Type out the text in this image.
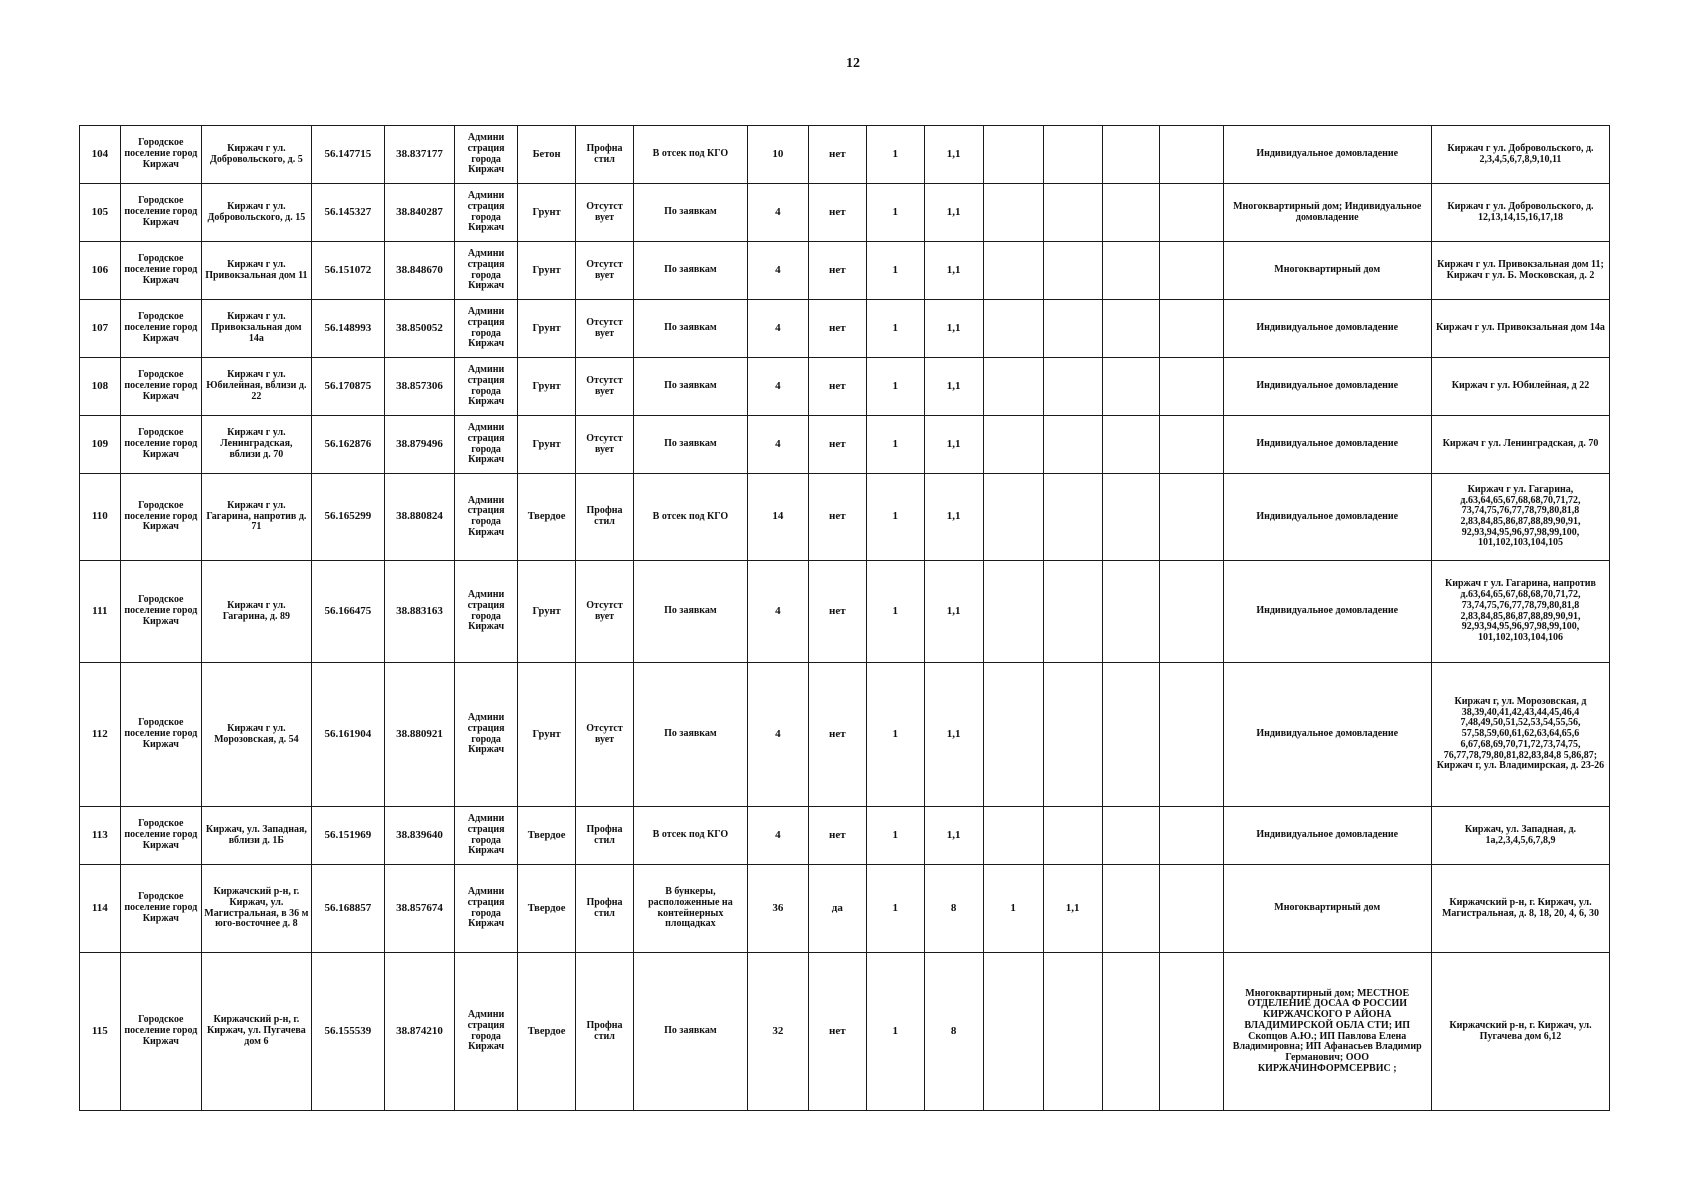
12
104	Городское поселение город Киржач	Киржач г ул. Добровольского, д. 5	56.147715	38.837177	Админи страция города Киржач	Бетон	Профна стил	В отсек под КГО	10	нет	1	1,1					Индивидуальное домовладение	Киржач г ул. Добровольского, д. 2,3,4,5,6,7,8,9,10,11
105	Городское поселение город Киржач	Киржач г ул. Добровольского, д. 15	56.145327	38.840287	Админи страция города Киржач	Грунт	Отсутст вует	По заявкам	4	нет	1	1,1					Многоквартирный дом; Индивидуальное домовладение	Киржач г ул. Добровольского, д. 12,13,14,15,16,17,18
106	Городское поселение город Киржач	Киржач г ул. Привокзальная дом 11	56.151072	38.848670	Админи страция города Киржач	Грунт	Отсутст вует	По заявкам	4	нет	1	1,1					Многоквартирный дом	Киржач г ул. Привокзальная дом 11; Киржач г ул. Б. Московская, д. 2
107	Городское поселение город Киржач	Киржач г ул. Привокзальная дом 14а	56.148993	38.850052	Админи страция города Киржач	Грунт	Отсутст вует	По заявкам	4	нет	1	1,1					Индивидуальное домовладение	Киржач г ул. Привокзальная дом 14а
108	Городское поселение город Киржач	Киржач г ул. Юбилейная, вблизи д. 22	56.170875	38.857306	Админи страция города Киржач	Грунт	Отсутст вует	По заявкам	4	нет	1	1,1					Индивидуальное домовладение	Киржач г ул. Юбилейная, д 22
109	Городское поселение город Киржач	Киржач г ул. Ленинградская, вблизи д. 70	56.162876	38.879496	Админи страция города Киржач	Грунт	Отсутст вует	По заявкам	4	нет	1	1,1					Индивидуальное домовладение	Киржач г ул. Ленинградская, д. 70
110	Городское поселение город Киржач	Киржач г ул. Гагарина, напротив д. 71	56.165299	38.880824	Админи страция города Киржач	Твердое	Профна стил	В отсек под КГО	14	нет	1	1,1					Индивидуальное домовладение	Киржач г ул. Гагарина, д.63,64,65,67,68,68,70,71,72, 73,74,75,76,77,78,79,80,81,8 2,83,84,85,86,87,88,89,90,91, 92,93,94,95,96,97,98,99,100, 101,102,103,104,105
111	Городское поселение город Киржач	Киржач г ул. Гагарина, д. 89	56.166475	38.883163	Админи страция города Киржач	Грунт	Отсутст вует	По заявкам	4	нет	1	1,1					Индивидуальное домовладение	Киржач г ул. Гагарина, напротив д.63,64,65,67,68,68,70,71,72, 73,74,75,76,77,78,79,80,81,8 2,83,84,85,86,87,88,89,90,91, 92,93,94,95,96,97,98,99,100, 101,102,103,104,106
112	Городское поселение город Киржач	Киржач г ул. Морозовская, д. 54	56.161904	38.880921	Админи страция города Киржач	Грунт	Отсутст вует	По заявкам	4	нет	1	1,1					Индивидуальное домовладение	Киржач г, ул. Морозовская, д 38,39,40,41,42,43,44,45,46,4 7,48,49,50,51,52,53,54,55,56, 57,58,59,60,61,62,63,64,65,6 6,67,68,69,70,71,72,73,74,75, 76,77,78,79,80,81,82,83,84,8 5,86,87; Киржач г, ул. Владимирская, д. 23-26
113	Городское поселение город Киржач	Киржач, ул. Западная, вблизи д. 1Б	56.151969	38.839640	Админи страция города Киржач	Твердое	Профна стил	В отсек под КГО	4	нет	1	1,1					Индивидуальное домовладение	Киржач, ул. Западная, д. 1а,2,3,4,5,6,7,8,9
114	Городское поселение город Киржач	Киржачский р-н, г. Киржач, ул. Магистральная, в 36 м юго-восточнее д. 8	56.168857	38.857674	Админи страция города Киржач	Твердое	Профна стил	В бункеры, расположенные на контейнерных площадках	36	да	1	8	1	1,1			Многоквартирный дом	Киржачский р-н, г. Киржач, ул. Магистральная, д. 8, 18, 20, 4, 6, 30
115	Городское поселение город Киржач	Киржачский р-н, г. Киржач, ул. Пугачева дом 6	56.155539	38.874210	Админи страция города Киржач	Твердое	Профна стил	По заявкам	32	нет	1	8					Многоквартирный дом; МЕСТНОЕ ОТДЕЛЕНИЕ ДОСАА Ф РОССИИ КИРЖАЧСКОГО Р АЙОНА ВЛАДИМИРСКОЙ ОБЛА СТИ; ИП Скопцов А.Ю.; ИП Павлова Елена Владимировна; ИП Афанасьев Владимир Германович; ООО КИРЖАЧИНФОРМСЕРВИС ;	Киржачский р-н, г. Киржач, ул. Пугачева дом 6,12
